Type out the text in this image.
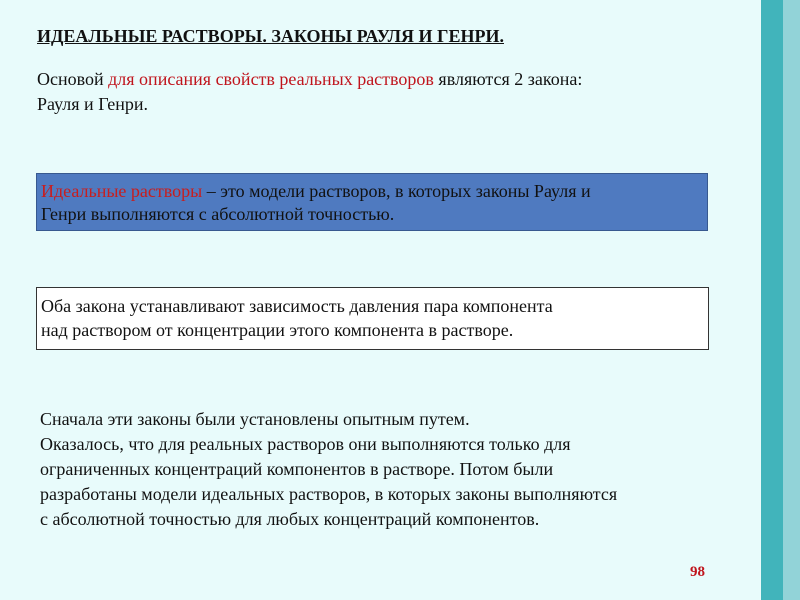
ИДЕАЛЬНЫЕ РАСТВОРЫ. ЗАКОНЫ РАУЛЯ И ГЕНРИ.
Основой для описания свойств реальных растворов являются 2 закона:
Рауля и Генри.
Идеальные растворы – это модели растворов, в которых законы Рауля и
Генри выполняются с абсолютной точностью.
Оба закона устанавливают зависимость давления пара компонента
над раствором от концентрации этого компонента в растворе.
Сначала эти законы были установлены опытным путем.
Оказалось, что для реальных растворов они выполняются только для
ограниченных концентраций компонентов в растворе. Потом были
разработаны модели идеальных растворов, в которых законы выполняются
с абсолютной точностью для любых концентраций компонентов.
98
